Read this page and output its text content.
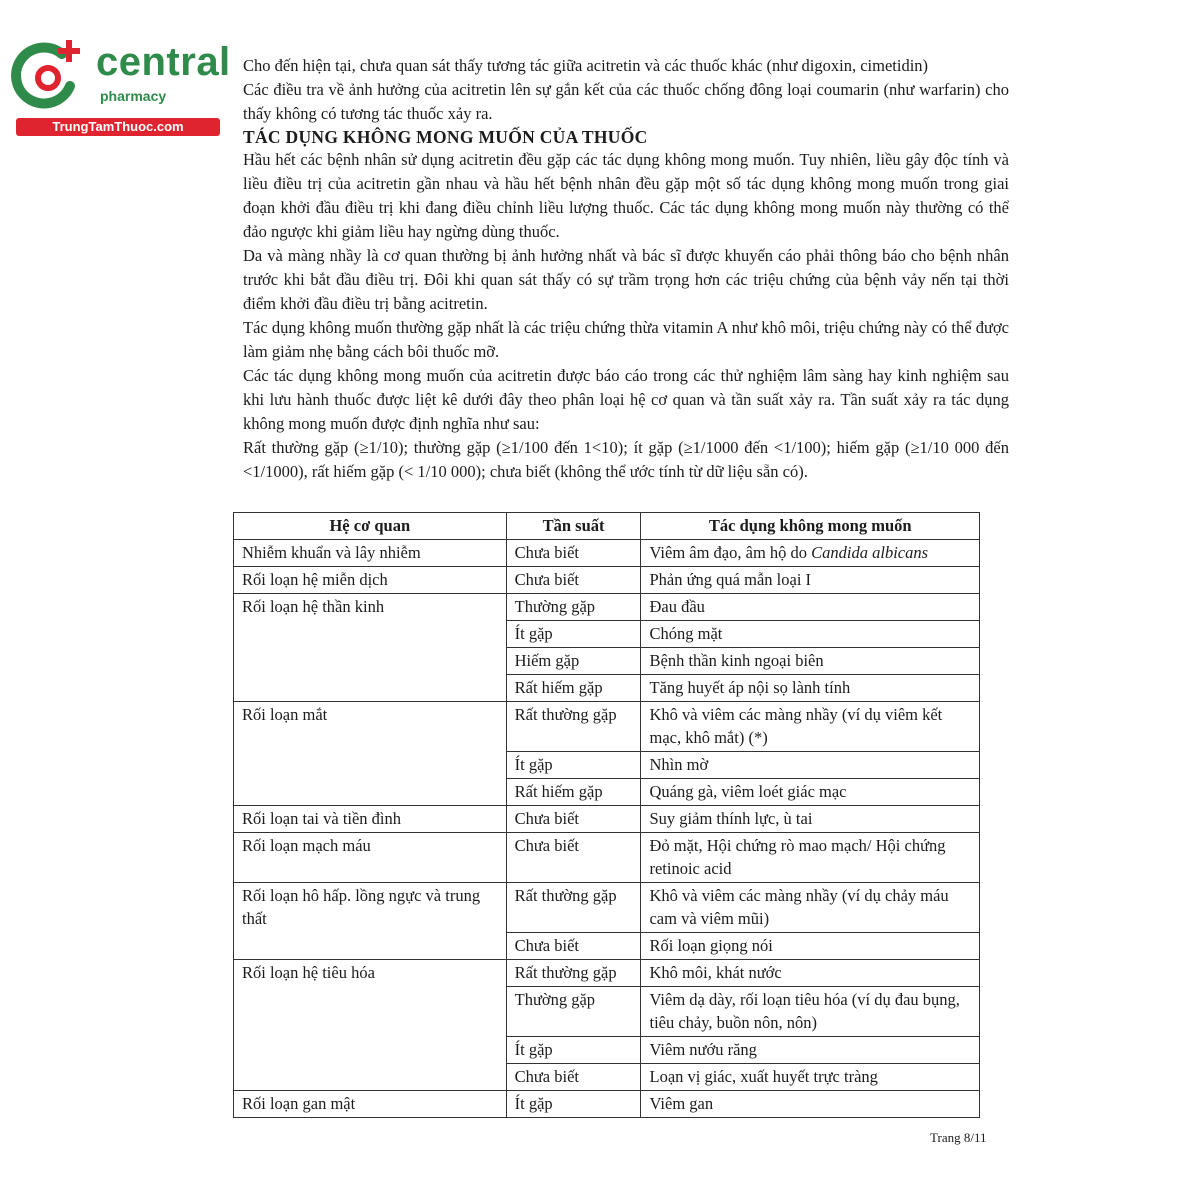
central
pharmacy
TrungTamThuoc.com

Cho đến hiện tại, chưa quan sát thấy tương tác giữa acitretin và các thuốc khác (như digoxin, cimetidin)

Các điều tra về ảnh hưởng của acitretin lên sự gắn kết của các thuốc chống đông loại coumarin (như warfarin) cho thấy không có tương tác thuốc xảy ra.

TÁC DỤNG KHÔNG MONG MUỐN CỦA THUỐC

Hầu hết các bệnh nhân sử dụng acitretin đều gặp các tác dụng không mong muốn. Tuy nhiên, liều gây độc tính và liều điều trị của acitretin gần nhau và hầu hết bệnh nhân đều gặp một số tác dụng không mong muốn trong giai đoạn khởi đầu điều trị khi đang điều chỉnh liều lượng thuốc. Các tác dụng không mong muốn này thường có thể đảo ngược khi giảm liều hay ngừng dùng thuốc.

Da và màng nhầy là cơ quan thường bị ảnh hưởng nhất và bác sĩ được khuyến cáo phải thông báo cho bệnh nhân trước khi bắt đầu điều trị. Đôi khi quan sát thấy có sự trầm trọng hơn các triệu chứng của bệnh vảy nến tại thời điểm khởi đầu điều trị bằng acitretin.

Tác dụng không muốn thường gặp nhất là các triệu chứng thừa vitamin A như khô môi, triệu chứng này có thể được làm giảm nhẹ bằng cách bôi thuốc mỡ.

Các tác dụng không mong muốn của acitretin được báo cáo trong các thử nghiệm lâm sàng hay kinh nghiệm sau khi lưu hành thuốc được liệt kê dưới đây theo phân loại hệ cơ quan và tần suất xảy ra. Tần suất xảy ra tác dụng không mong muốn được định nghĩa như sau:

Rất thường gặp (≥1/10); thường gặp (≥1/100 đến 1<10); ít gặp (≥1/1000 đến <1/100); hiếm gặp (≥1/10 000 đến <1/1000), rất hiếm gặp (< 1/10 000); chưa biết (không thể ước tính từ dữ liệu sẵn có).

Hệ cơ quan	Tần suất	Tác dụng không mong muốn
Nhiễm khuẩn và lây nhiễm	Chưa biết	Viêm âm đạo, âm hộ do Candida albicans
Rối loạn hệ miễn dịch	Chưa biết	Phản ứng quá mẫn loại I
Rối loạn hệ thần kinh	Thường gặp	Đau đầu
	Ít gặp	Chóng mặt
	Hiếm gặp	Bệnh thần kinh ngoại biên
	Rất hiếm gặp	Tăng huyết áp nội sọ lành tính
Rối loạn mắt	Rất thường gặp	Khô và viêm các màng nhầy (ví dụ viêm kết mạc, khô mắt) (*)
	Ít gặp	Nhìn mờ
	Rất hiếm gặp	Quáng gà, viêm loét giác mạc
Rối loạn tai và tiền đình	Chưa biết	Suy giảm thính lực, ù tai
Rối loạn mạch máu	Chưa biết	Đỏ mặt, Hội chứng rò mao mạch/ Hội chứng retinoic acid
Rối loạn hô hấp. lồng ngực và trung thất	Rất thường gặp	Khô và viêm các màng nhầy (ví dụ chảy máu cam và viêm mũi)
	Chưa biết	Rối loạn giọng nói
Rối loạn hệ tiêu hóa	Rất thường gặp	Khô môi, khát nước
	Thường gặp	Viêm dạ dày, rối loạn tiêu hóa (ví dụ đau bụng, tiêu chảy, buồn nôn, nôn)
	Ít gặp	Viêm nướu răng
	Chưa biết	Loạn vị giác, xuất huyết trực tràng
Rối loạn gan mật	Ít gặp	Viêm gan
Trang 8/11
